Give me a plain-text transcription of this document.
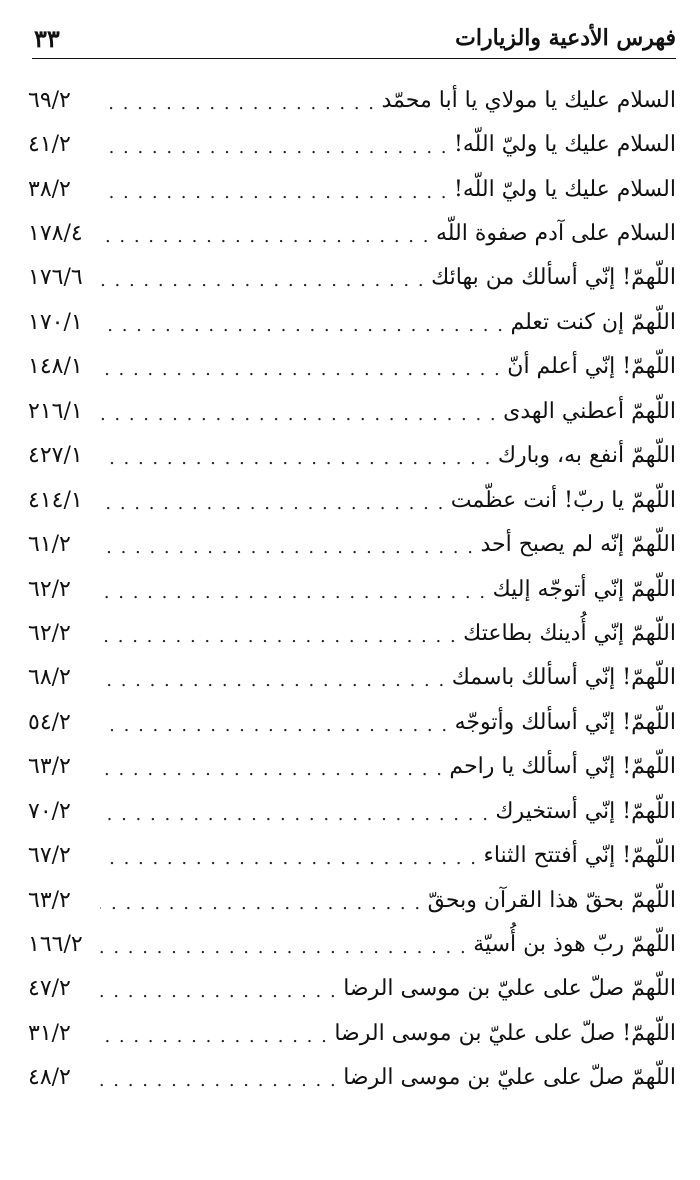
فهرس الأدعية والزيارات
٣٣
السلام عليك يا مولاي يا أبا محمّد
. . .
٦٩/٢
السلام عليك يا وليّ اللّه!
. . .
٤١/٢
السلام عليك يا وليّ اللّه!
. . .
٣٨/٢
السلام على آدم صفوة اللّه
. . .
١٧٨/٤
اللّهمّ! إنّي أسألك من بهائك
. . .
١٧٦/٦
اللّهمّ إن كنت تعلم
. . .
١٧٠/١
اللّهمّ! إنّي أعلم أنّ
. . .
١٤٨/١
اللّهمّ أعطني الهدى
. . .
٢١٦/١
اللّهمّ أنفع به، وبارك
. . .
٤٢٧/١
اللّهمّ يا ربّ! أنت عظّمت
. . .
٤١٤/١
اللّهمّ إنّه لم يصبح أحد
. . .
٦١/٢
اللّهمّ إنّي أتوجّه إليك
. . .
٦٢/٢
اللّهمّ إنّي أُدينك بطاعتك
. . .
٦٢/٢
اللّهمّ! إنّي أسألك باسمك
. . .
٦٨/٢
اللّهمّ! إنّي أسألك وأتوجّه
. . .
٥٤/٢
اللّهمّ! إنّي أسألك يا راحم
. . .
٦٣/٢
اللّهمّ! إنّي أستخيرك
. . .
٧٠/٢
اللّهمّ! إنّي أفتتح الثناء
. . .
٦٧/٢
اللّهمّ بحقّ هذا القرآن وبحقّ
. . .
٦٣/٢
اللّهمّ ربّ هوذ بن أُسيّة
. . .
١٦٦/٢
اللّهمّ صلّ على عليّ بن موسى الرضا
. . .
٤٧/٢
اللّهمّ! صلّ على عليّ بن موسى الرضا
. . .
٣١/٢
اللّهمّ صلّ على عليّ بن موسى الرضا
. . .
٤٨/٢
